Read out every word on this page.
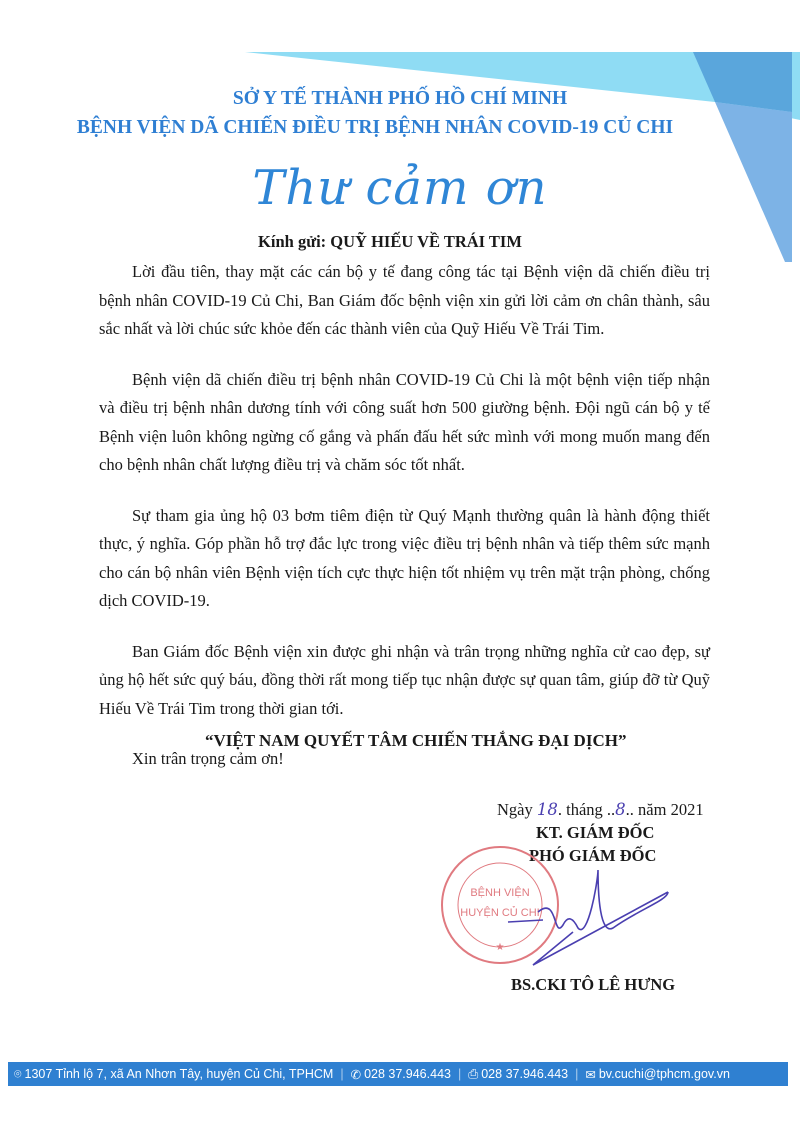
SỞ Y TẾ THÀNH PHỐ HỒ CHÍ MINH
BỆNH VIỆN DÃ CHIẾN ĐIỀU TRỊ BỆNH NHÂN COVID-19 CỦ CHI
Thư cảm ơn
Kính gửi: QUỸ HIẾU VỀ TRÁI TIM

Lời đầu tiên, thay mặt các cán bộ y tế đang công tác tại Bệnh viện dã chiến điều trị bệnh nhân COVID-19 Củ Chi, Ban Giám đốc bệnh viện xin gửi lời cảm ơn chân thành, sâu sắc nhất và lời chúc sức khỏe đến các thành viên của Quỹ Hiếu Về Trái Tim.

Bệnh viện dã chiến điều trị bệnh nhân COVID-19 Củ Chi là một bệnh viện tiếp nhận và điều trị bệnh nhân dương tính với công suất hơn 500 giường bệnh. Đội ngũ cán bộ y tế Bệnh viện luôn không ngừng cố gắng và phấn đấu hết sức mình với mong muốn mang đến cho bệnh nhân chất lượng điều trị và chăm sóc tốt nhất.

Sự tham gia ủng hộ 03 bơm tiêm điện từ Quý Mạnh thường quân là hành động thiết thực, ý nghĩa. Góp phần hỗ trợ đắc lực trong việc điều trị bệnh nhân và tiếp thêm sức mạnh cho cán bộ nhân viên Bệnh viện tích cực thực hiện tốt nhiệm vụ trên mặt trận phòng, chống dịch COVID-19.

Ban Giám đốc Bệnh viện xin được ghi nhận và trân trọng những nghĩa cử cao đẹp, sự ủng hộ hết sức quý báu, đồng thời rất mong tiếp tục nhận được sự quan tâm, giúp đỡ từ Quỹ Hiếu Về Trái Tim trong thời gian tới.

Xin trân trọng cảm ơn!

“VIỆT NAM QUYẾT TÂM CHIẾN THẮNG ĐẠI DỊCH”
Ngày 18. tháng ..8.. năm 2021
KT. GIÁM ĐỐC
PHÓ GIÁM ĐỐC
BỆNH VIỆN
HUYỆN CỦ CHI
★
BS.CKI TÔ LÊ HƯNG
⌾ 1307 Tỉnh lộ 7, xã An Nhơn Tây, huyện Củ Chi, TPHCM | ✆ 028 37.946.443 | ⎙ 028 37.946.443 | ✉ bv.cuchi@tphcm.gov.vn
